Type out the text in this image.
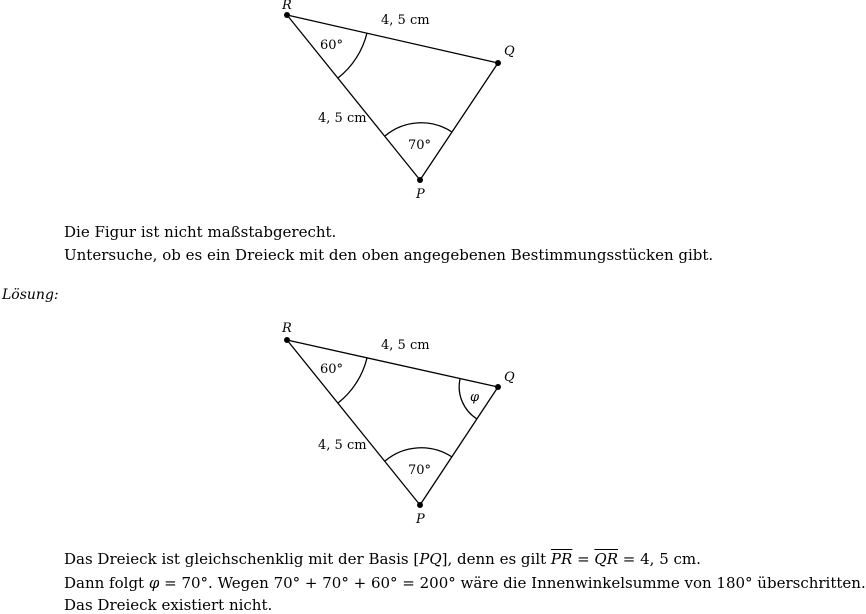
R
Q
P
4, 5 cm
4, 5 cm
60°
70°
Die Figur ist nicht maßstabgerecht.
Untersuche, ob es ein Dreieck mit den oben angegebenen Bestimmungsstücken gibt.
Lösung:
R
Q
P
4, 5 cm
4, 5 cm
60°
70°
φ
Das Dreieck ist gleichschenklig mit der Basis [PQ], denn es gilt $\overline{PR} = \overline{QR} = 4$, 5 cm.
Dann folgt φ = 70°. Wegen 70° + 70° + 60° = 200° wäre die Innenwinkelsumme von 180° überschritten.
Das Dreieck existiert nicht.
